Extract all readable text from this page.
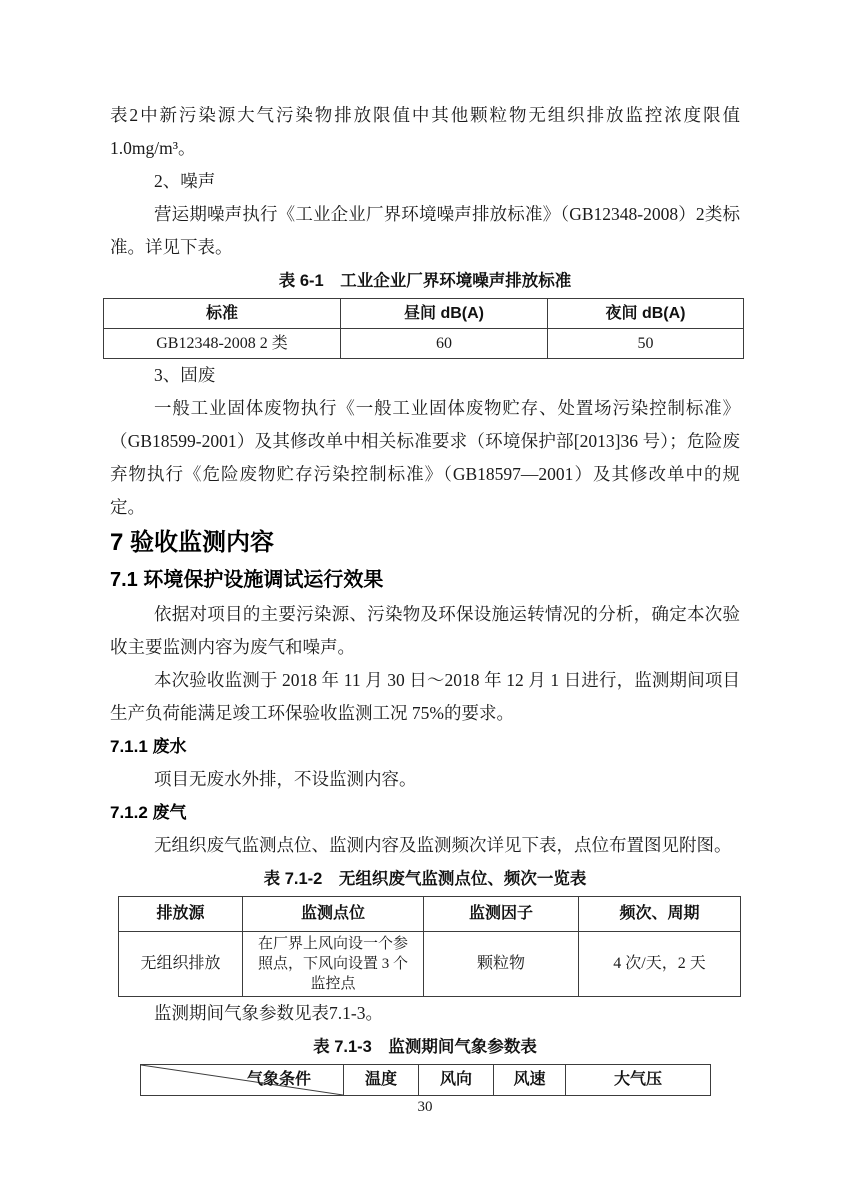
表2中新污染源大气污染物排放限值中其他颗粒物无组织排放监控浓度限值1.0mg/m³。

2、噪声

营运期噪声执行《工业企业厂界环境噪声排放标准》（GB12348-2008）2类标准。详见下表。

表 6-1　工业企业厂界环境噪声排放标准

标准	昼间 dB(A)	夜间 dB(A)
GB12348-2008 2 类	60	50

3、固废

一般工业固体废物执行《一般工业固体废物贮存、处置场污染控制标准》（GB18599-2001）及其修改单中相关标准要求（环境保护部[2013]36 号）；危险废弃物执行《危险废物贮存污染控制标准》（GB18597—2001）及其修改单中的规定。

7 验收监测内容
7.1 环境保护设施调试运行效果

依据对项目的主要污染源、污染物及环保设施运转情况的分析，确定本次验收主要监测内容为废气和噪声。

本次验收监测于 2018 年 11 月 30 日～2018 年 12 月 1 日进行，监测期间项目生产负荷能满足竣工环保验收监测工况 75%的要求。

7.1.1 废水

项目无废水外排，不设监测内容。

7.1.2 废气

无组织废气监测点位、监测内容及监测频次详见下表，点位布置图见附图。

表 7.1-2　无组织废气监测点位、频次一览表

排放源	监测点位	监测因子	频次、周期
无组织排放	在厂界上风向设一个参照点，下风向设置 3 个监控点	颗粒物	4 次/天，2 天

监测期间气象参数见表7.1-3。

表 7.1-3　监测期间气象参数表

气象条件	温度	风向	风速	大气压
30
